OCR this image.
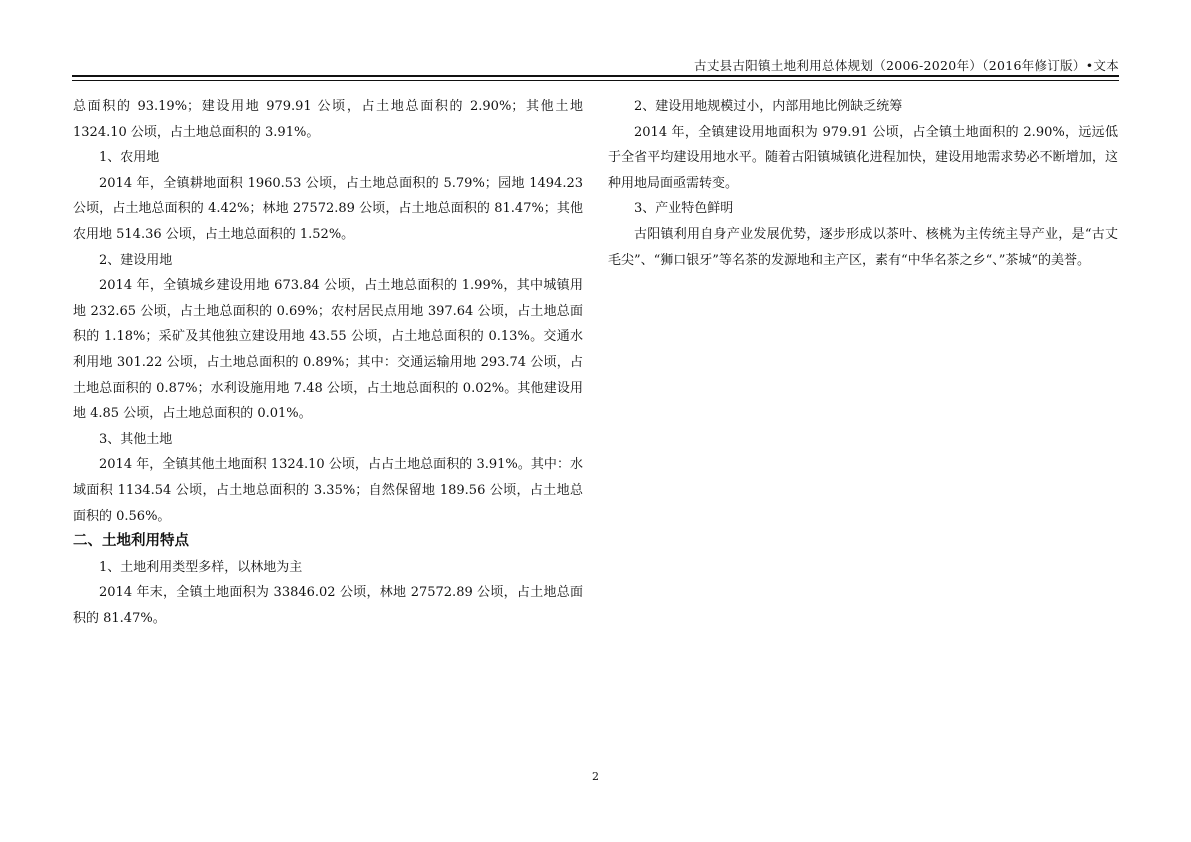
古丈县古阳镇土地利用总体规划（2006-2020年）（2016年修订版）•文本

总面积的 93.19%；建设用地 979.91 公顷，占土地总面积的 2.90%；其他土地 1324.10 公顷，占土地总面积的 3.91%。

1、农用地

2014 年，全镇耕地面积 1960.53 公顷，占土地总面积的 5.79%；园地 1494.23 公顷，占土地总面积的 4.42%；林地 27572.89 公顷，占土地总面积的 81.47%；其他农用地 514.36 公顷，占土地总面积的 1.52%。

2、建设用地

2014 年，全镇城乡建设用地 673.84 公顷，占土地总面积的 1.99%，其中城镇用地 232.65 公顷，占土地总面积的 0.69%；农村居民点用地 397.64 公顷，占土地总面积的 1.18%；采矿及其他独立建设用地 43.55 公顷，占土地总面积的 0.13%。交通水利用地 301.22 公顷，占土地总面积的 0.89%；其中：交通运输用地 293.74 公顷，占土地总面积的 0.87%；水利设施用地 7.48 公顷，占土地总面积的 0.02%。其他建设用地 4.85 公顷，占土地总面积的 0.01%。

3、其他土地

2014 年，全镇其他土地面积 1324.10 公顷，占占土地总面积的 3.91%。其中：水域面积 1134.54 公顷，占土地总面积的 3.35%；自然保留地 189.56 公顷，占土地总面积的 0.56%。

二、土地利用特点

1、土地利用类型多样，以林地为主

2014 年末，全镇土地面积为 33846.02 公顷，林地 27572.89 公顷，占土地总面积的 81.47%。

2、建设用地规模过小，内部用地比例缺乏统筹

2014 年，全镇建设用地面积为 979.91 公顷，占全镇土地面积的 2.90%，远远低于全省平均建设用地水平。随着古阳镇城镇化进程加快，建设用地需求势必不断增加，这种用地局面亟需转变。

3、产业特色鲜明

古阳镇利用自身产业发展优势，逐步形成以茶叶、核桃为主传统主导产业，是“古丈毛尖”、“狮口银牙”等名茶的发源地和主产区，素有“中华名茶之乡“、”茶城“的美誉。

2
